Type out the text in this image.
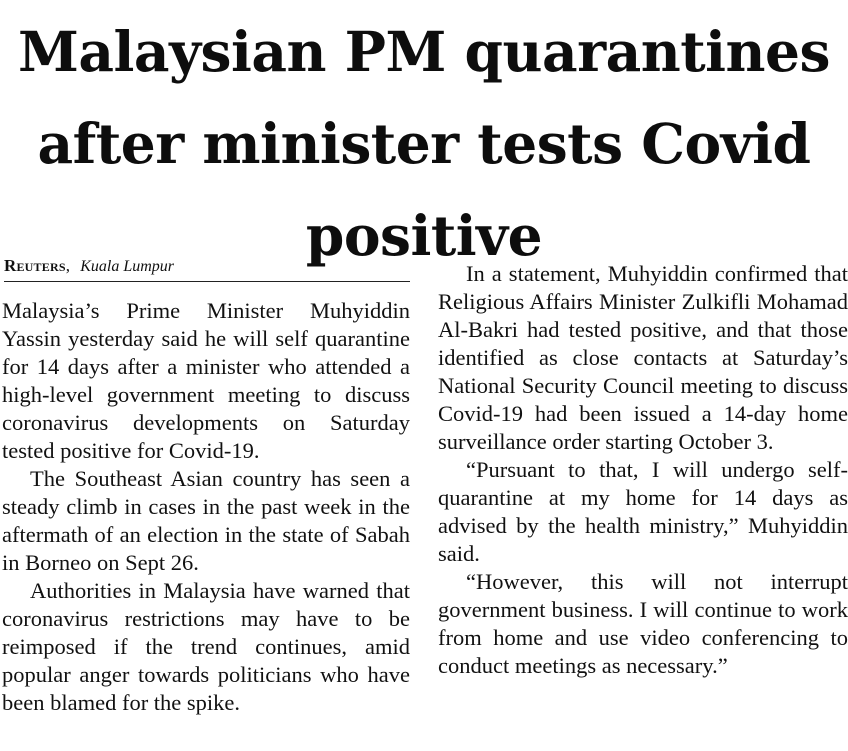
Malaysian PM quarantines after minister tests Covid positive
Reuters, Kuala Lumpur

Malaysia’s Prime Minister Muhyiddin Yassin yesterday said he will self quarantine for 14 days after a minister who attended a high-level government meeting to discuss coronavirus developments on Saturday tested positive for Covid-19.

The Southeast Asian country has seen a steady climb in cases in the past week in the aftermath of an election in the state of Sabah in Borneo on Sept 26.

Authorities in Malaysia have warned that coronavirus restrictions may have to be reimposed if the trend continues, amid popular anger towards politicians who have been blamed for the spike.

In a statement, Muhyiddin confirmed that Religious Affairs Minister Zulkifli Mohamad Al-Bakri had tested positive, and that those identified as close contacts at Saturday’s National Security Council meeting to discuss Covid-19 had been issued a 14-day home surveillance order starting October 3.

“Pursuant to that, I will undergo self-quarantine at my home for 14 days as advised by the health ministry,” Muhyiddin said.

“However, this will not interrupt government business. I will continue to work from home and use video conferencing to conduct meetings as necessary.”
